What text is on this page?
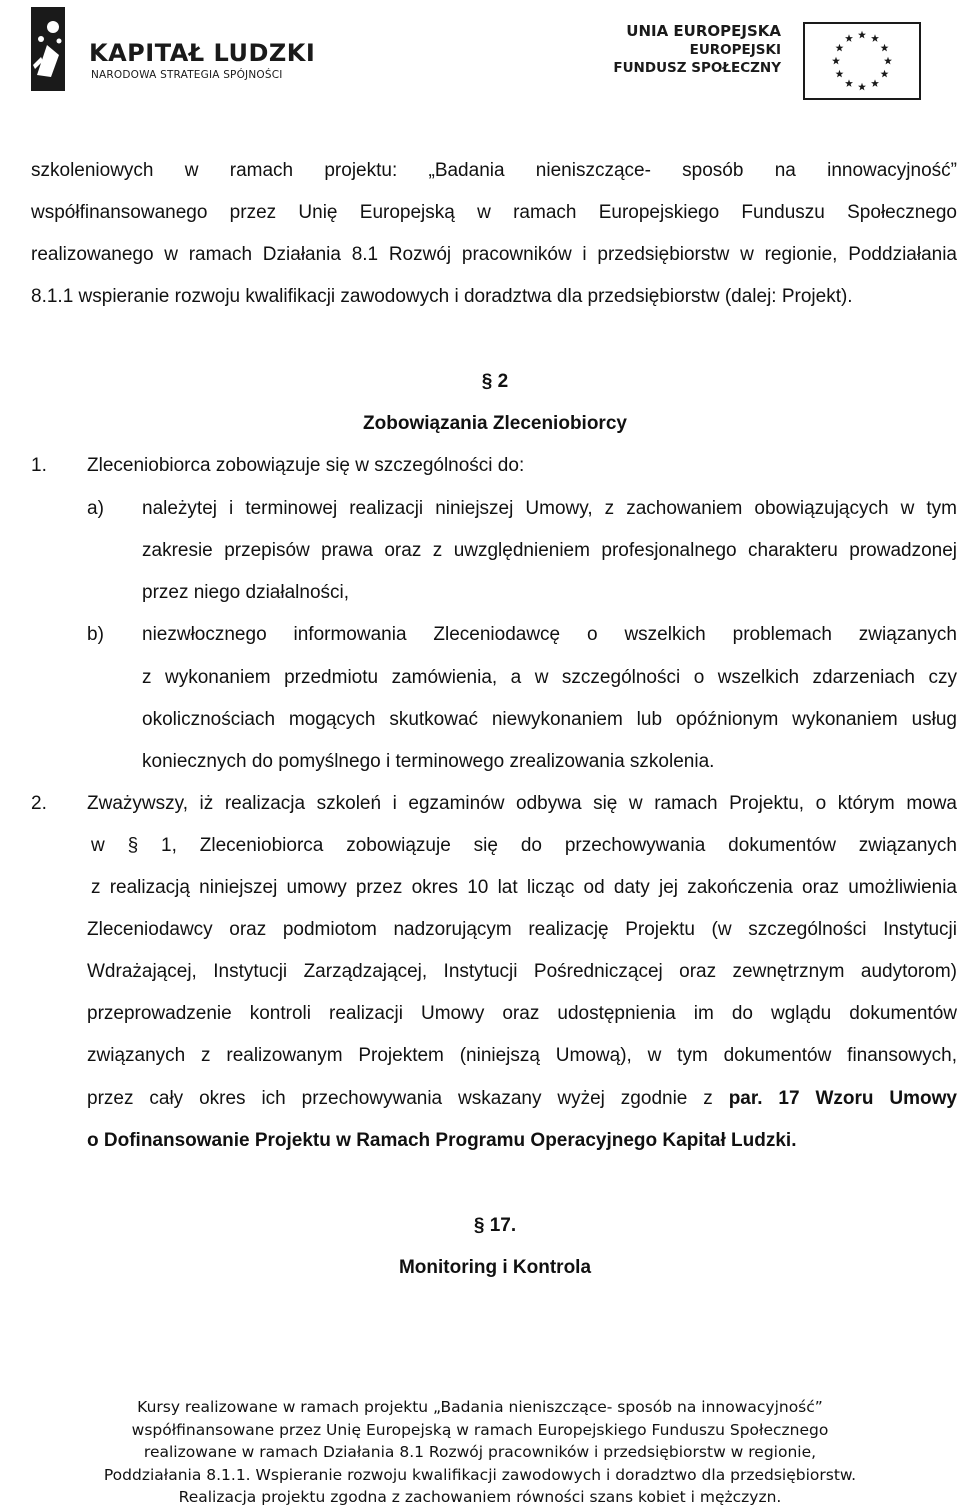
KAPITAŁ LUDZKI
NARODOWA STRATEGIA SPÓJNOŚCI
UNIA EUROPEJSKA
EUROPEJSKI
FUNDUSZ SPOŁECZNY
szkoleniowych w ramach projektu: „Badania nieniszczące- sposób na innowacyjność”
współfinansowanego przez Unię Europejską w ramach Europejskiego Funduszu Społecznego
realizowanego w ramach Działania 8.1 Rozwój pracowników i przedsiębiorstw w regionie, Poddziałania
8.1.1 wspieranie rozwoju kwalifikacji zawodowych i doradztwa dla przedsiębiorstw (dalej: Projekt).
§ 2
Zobowiązania Zleceniobiorcy
1. Zleceniobiorca zobowiązuje się w szczególności do:
a) należytej i terminowej realizacji niniejszej Umowy, z zachowaniem obowiązujących w tym
zakresie przepisów prawa oraz z uwzględnieniem profesjonalnego charakteru prowadzonej
przez niego działalności,
b) niezwłocznego informowania Zleceniodawcę o wszelkich problemach związanych
z wykonaniem przedmiotu zamówienia, a w szczególności o wszelkich zdarzeniach czy
okolicznościach mogących skutkować niewykonaniem lub opóźnionym wykonaniem usług
koniecznych do pomyślnego i terminowego zrealizowania szkolenia.
2. Zważywszy, iż realizacja szkoleń i egzaminów odbywa się w ramach Projektu, o którym mowa
w § 1, Zleceniobiorca zobowiązuje się do przechowywania dokumentów związanych
z realizacją niniejszej umowy przez okres 10 lat licząc od daty jej zakończenia oraz umożliwienia
Zleceniodawcy oraz podmiotom nadzorującym realizację Projektu (w szczególności Instytucji
Wdrażającej, Instytucji Zarządzającej, Instytucji Pośredniczącej oraz zewnętrznym audytorom)
przeprowadzenie kontroli realizacji Umowy oraz udostępnienia im do wglądu dokumentów
związanych z realizowanym Projektem (niniejszą Umową), w tym dokumentów finansowych,
przez cały okres ich przechowywania wskazany wyżej zgodnie z par. 17 Wzoru Umowy
o Dofinansowanie Projektu w Ramach Programu Operacyjnego Kapitał Ludzki.
§ 17.
Monitoring i Kontrola
Kursy realizowane w ramach projektu „Badania nieniszczące- sposób na innowacyjność”
współfinansowane przez Unię Europejską w ramach Europejskiego Funduszu Społecznego
realizowane w ramach Działania 8.1 Rozwój pracowników i przedsiębiorstw w regionie,
Poddziałania 8.1.1. Wspieranie rozwoju kwalifikacji zawodowych i doradztwo dla przedsiębiorstw.
Realizacja projektu zgodna z zachowaniem równości szans kobiet i mężczyzn.
